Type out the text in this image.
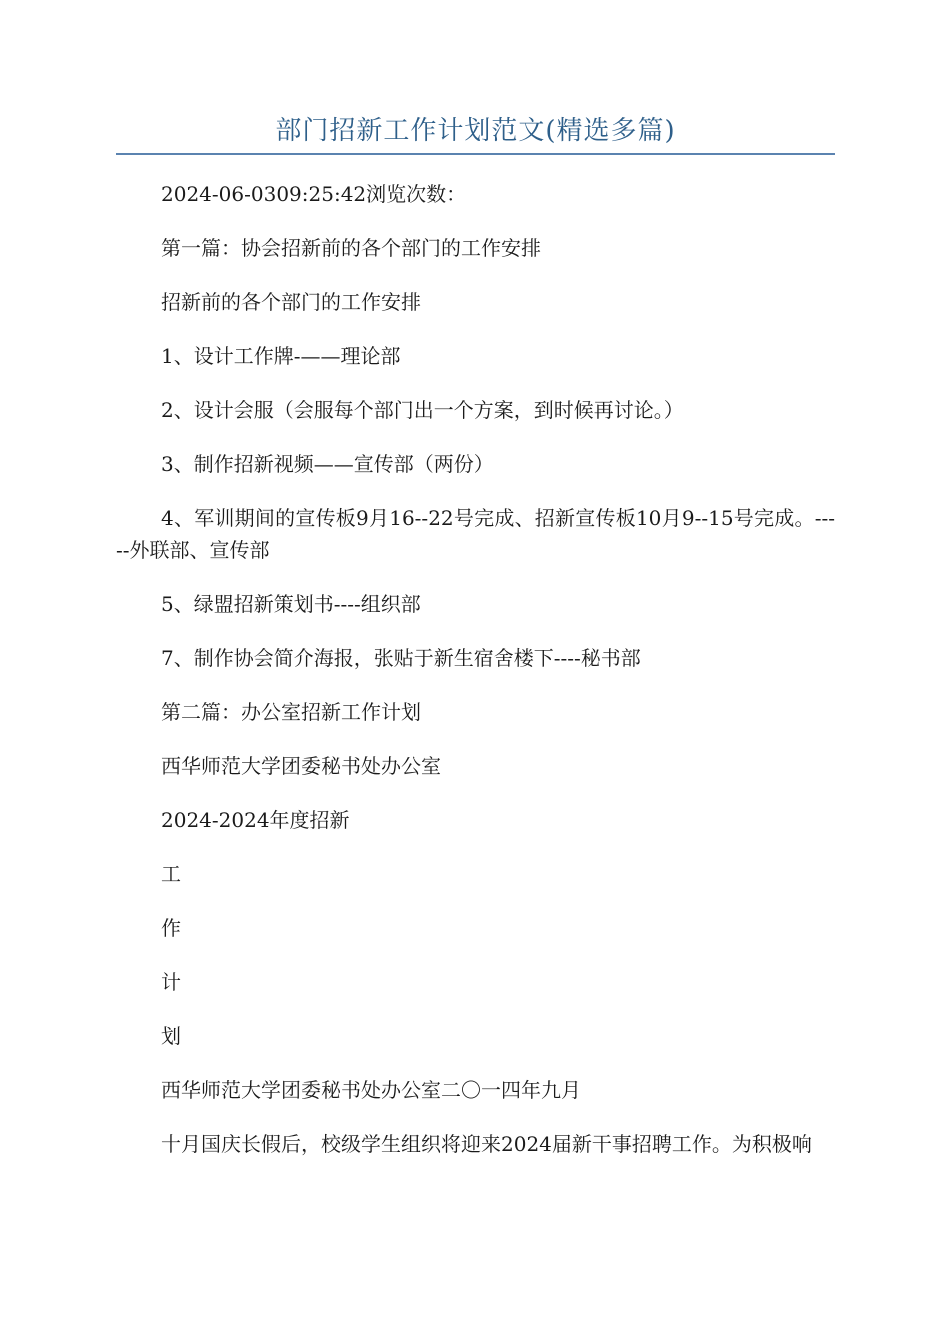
部门招新工作计划范文(精选多篇)

2024-06-0309:25:42浏览次数：

第一篇：协会招新前的各个部门的工作安排

招新前的各个部门的工作安排

1、设计工作牌-——理论部

2、设计会服（会服每个部门出一个方案，到时候再讨论。）

3、制作招新视频——宣传部（两份）

4、军训期间的宣传板9月16--22号完成、招新宣传板10月9--15号完成。-----外联部、宣传部

5、绿盟招新策划书----组织部

7、制作协会简介海报，张贴于新生宿舍楼下----秘书部

第二篇：办公室招新工作计划

西华师范大学团委秘书处办公室

2024-2024年度招新

工

作

计

划

西华师范大学团委秘书处办公室二〇一四年九月

十月国庆长假后，校级学生组织将迎来2024届新干事招聘工作。为积极响
